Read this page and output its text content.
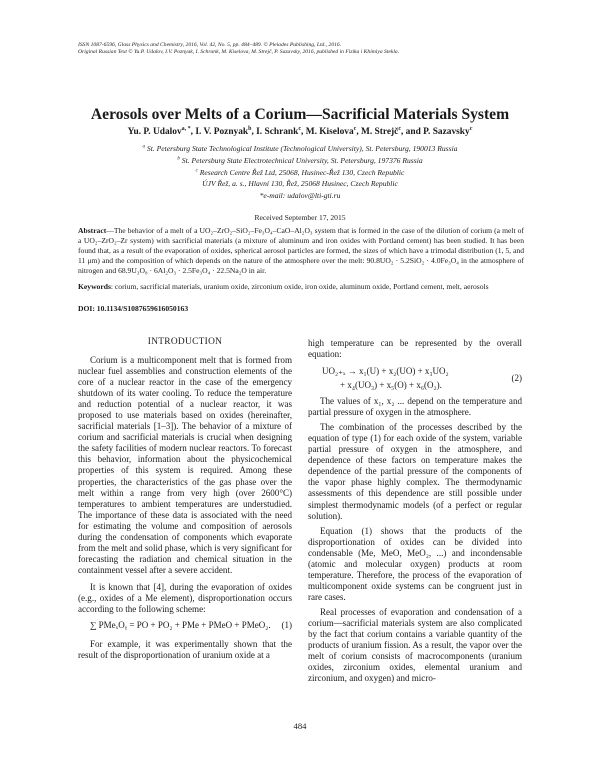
ISSN 1087-6596, Glass Physics and Chemistry, 2016, Vol. 42, No. 5, pp. 484–489. © Pleiades Publishing, Ltd., 2016.
Original Russian Text © Yu.P. Udalov, I.V. Poznyak, I. Schrank, M. Kiselova, M. Strejč, P. Sazavsky, 2016, published in Fizika i Khimiya Stekla.
Aerosols over Melts of a Corium—Sacrificial Materials System
Yu. P. Udalov$^{a, *}$, I. V. Poznyak$^b$, I. Schrank$^c$, M. Kiselova$^c$, M. Strejč$^c$, and P. Sazavsky$^c$
$^a$ St. Petersburg State Technological Institute (Technological University), St. Petersburg, 190013 Russia
$^b$ St. Petersburg State Electrotechnical University, St. Petersburg, 197376 Russia
$^c$ Research Centre Řež Ltd, 25068, Husinec-Řež 130, Czech Republic
ÚJV Řež, a. s., Hlavní 130, Řež, 25068 Husinec, Czech Republic
*e-mail: udalov@lti-gti.ru
Received September 17, 2015
Abstract—The behavior of a melt of a UO₂–ZrO₂–SiO₂–Fe₃O₄–CaO–Al₂O₃ system that is formed in the case of the dilution of corium (a melt of a UO₂–ZrO₂–Zr system) with sacrificial materials (a mixture of aluminum and iron oxides with Portland cement) has been studied. It has been found that, as a result of the evaporation of oxides, spherical aerosol particles are formed, the sizes of which have a trimodal distribution (1, 5, and 11 μm) and the composition of which depends on the nature of the atmosphere over the melt: 90.8UO₂ · 5.2SiO₂ · 4.0Fe₃O₄ in the atmosphere of nitrogen and 68.9U₃O₈ · 6Al₂O₃ · 2.5Fe₃O₄ · 22.5Na₂O in air.
Keywords: corium, sacrificial materials, uranium oxide, zirconium oxide, iron oxide, aluminum oxide, Portland cement, melt, aerosols
DOI: 10.1134/S1087659616050163
INTRODUCTION

Corium is a multicomponent melt that is formed from nuclear fuel assemblies and construction elements of the core of a nuclear reactor in the case of the emergency shutdown of its water cooling. To reduce the temperature and reduction potential of a nuclear reactor, it was proposed to use materials based on oxides (hereinafter, sacrificial materials [1–3]). The behavior of a mixture of corium and sacrificial materials is crucial when designing the safety facilities of modern nuclear reactors. To forecast this behavior, information about the physicochemical properties of this system is required. Among these properties, the characteristics of the gas phase over the melt within a range from very high (over 2600°C) temperatures to ambient temperatures are understudied. The importance of these data is associated with the need for estimating the volume and composition of aerosols during the condensation of components which evaporate from the melt and solid phase, which is very significant for forecasting the radiation and chemical situation in the containment vessel after a severe accident.

It is known that [4], during the evaporation of oxides (e.g., oxides of a Me element), disproportionation occurs according to the following scheme:

∑ PMeₓOᵧ = PO + PO₂ + PMe + PMeO + PMeO₂. (1)

For example, it was experimentally shown that the result of the disproportionation of uranium oxide at a

high temperature can be represented by the overall equation:

UO₂₊ₓ → x₁(U) + x₂(UO) + x₃UO₂
+ x₄(UO₃) + x₅(O) + x₆(O₂).
(2)

The values of x₁, x₂ ... depend on the temperature and partial pressure of oxygen in the atmosphere.

The combination of the processes described by the equation of type (1) for each oxide of the system, variable partial pressure of oxygen in the atmosphere, and dependence of these factors on temperature makes the dependence of the partial pressure of the components of the vapor phase highly complex. The thermodynamic assessments of this dependence are still possible under simplest thermodynamic models (of a perfect or regular solution).

Equation (1) shows that the products of the disproportionation of oxides can be divided into condensable (Me, MeO, MeO₂, ...) and incondensable (atomic and molecular oxygen) products at room temperature. Therefore, the process of the evaporation of multicomponent oxide systems can be congruent just in rare cases.

Real processes of evaporation and condensation of a corium—sacrificial materials system are also complicated by the fact that corium contains a variable quantity of the products of uranium fission. As a result, the vapor over the melt of corium consists of macrocomponents (uranium oxides, zirconium oxides, elemental uranium and zirconium, and oxygen) and micro-

484
